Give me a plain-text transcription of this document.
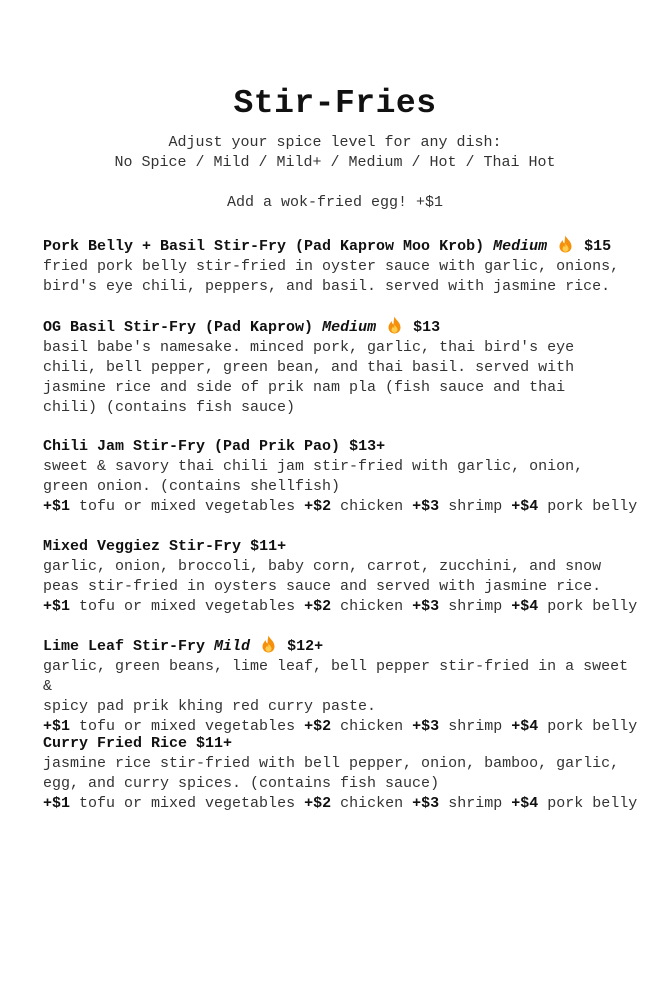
Stir-Fries
Adjust your spice level for any dish:
No Spice / Mild / Mild+ / Medium / Hot / Thai Hot
Add a wok-fried egg! +$1
Pork Belly + Basil Stir-Fry (Pad Kaprow Moo Krob) Medium $15
fried pork belly stir-fried in oyster sauce with garlic, onions,
bird's eye chili, peppers, and basil. served with jasmine rice.
OG Basil Stir-Fry (Pad Kaprow) Medium $13
basil babe's namesake. minced pork, garlic, thai bird's eye
chili, bell pepper, green bean, and thai basil. served with
jasmine rice and side of prik nam pla (fish sauce and thai
chili) (contains fish sauce)
Chili Jam Stir-Fry (Pad Prik Pao) $13+
sweet & savory thai chili jam stir-fried with garlic, onion,
green onion. (contains shellfish)
+$1 tofu or mixed vegetables +$2 chicken +$3 shrimp +$4 pork belly
Mixed Veggiez Stir-Fry $11+
garlic, onion, broccoli, baby corn, carrot, zucchini, and snow
peas stir-fried in oysters sauce and served with jasmine rice.
+$1 tofu or mixed vegetables +$2 chicken +$3 shrimp +$4 pork belly
Lime Leaf Stir-Fry Mild $12+
garlic, green beans, lime leaf, bell pepper stir-fried in a sweet &
spicy pad prik khing red curry paste.
+$1 tofu or mixed vegetables +$2 chicken +$3 shrimp +$4 pork belly
Curry Fried Rice $11+
jasmine rice stir-fried with bell pepper, onion, bamboo, garlic,
egg, and curry spices. (contains fish sauce)
+$1 tofu or mixed vegetables +$2 chicken +$3 shrimp +$4 pork belly
